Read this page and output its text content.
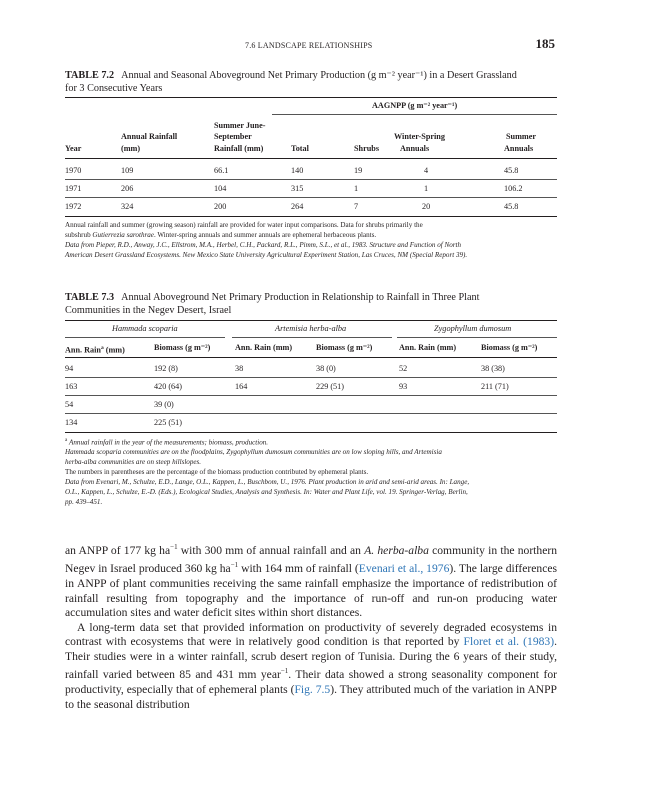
7.6 LANDSCAPE RELATIONSHIPS	185
TABLE 7.2 Annual and Seasonal Aboveground Net Primary Production (g m⁻² year⁻¹) in a Desert Grassland
for 3 Consecutive Years
AAGNPP (g m⁻² year⁻¹)
Summer June-
Annual Rainfall	September	Winter-Spring	Summer
Year	(mm)	Rainfall (mm)	Total	Shrubs	Annuals	Annuals
1970	109	66.1	140	19	4	45.8
1971	206	104	315	1	1	106.2
1972	324	200	264	7	20	45.8
Annual rainfall and summer (growing season) rainfall are provided for water input comparisons. Data for shrubs primarily the
subshrub Gutierrezia sarothrae. Winter-spring annuals and summer annuals are ephemeral herbaceous plants.
Data from Pieper, R.D., Anway, J.C., Ellstrom, M.A., Herbel, C.H., Packard, R.L., Pimm, S.L., et al., 1983. Structure and Function of North
American Desert Grassland Ecosystems. New Mexico State University Agricultural Experiment Station, Las Cruces, NM (Special Report 39).
TABLE 7.3 Annual Aboveground Net Primary Production in Relationship to Rainfall in Three Plant
Communities in the Negev Desert, Israel
Hammada scoparia	Artemisia herba-alba	Zygophyllum dumosum
Ann. Rain$^a$ (mm)	Biomass (g m⁻²)	Ann. Rain (mm)	Biomass (g m⁻²)	Ann. Rain (mm)	Biomass (g m⁻²)
94	192 (8)	38	38 (0)	52	38 (38)
163	420 (64)	164	229 (51)	93	211 (71)
54	39 (0)
134	225 (51)
$^a$ Annual rainfall in the year of the measurements; biomass, production.
Hammada scoparia communities are on the floodplains, Zygophyllum dumosum communities are on low sloping hills, and Artemisia
herba-alba communities are on steep hillslopes.
The numbers in parentheses are the percentage of the biomass production contributed by ephemeral plants.
Data from Evenari, M., Schulze, E.D., Lange, O.L., Kappen, L., Buschbom, U., 1976. Plant production in arid and semi-arid areas. In: Lange,
O.L., Kappen, L., Schulze, E.-D. (Eds.), Ecological Studies, Analysis and Synthesis. In: Water and Plant Life, vol. 19. Springer-Verlag, Berlin,
pp. 439–451.

an ANPP of 177 kg $ha^{-1}$ with 300 mm of annual rainfall and an A. herba-alba community in the northern Negev in Israel produced 360 kg $ha^{-1}$ with 164 mm of rainfall (Evenari et al., 1976). The large differences in ANPP of plant communities receiving the same rainfall emphasize the importance of redistribution of rainfall resulting from topography and the importance of run-off and run-on producing water accumulation sites and water deficit sites within short distances.

A long-term data set that provided information on productivity of severely degraded ecosystems in contrast with ecosystems that were in relatively good condition is that reported by Floret et al. (1983). Their studies were in a winter rainfall, scrub desert region of Tunisia. During the 6 years of their study, rainfall varied between 85 and 431 mm year$^{-1}$. Their data showed a strong seasonality component for productivity, especially that of ephemeral plants (Fig. 7.5). They attributed much of the variation in ANPP to the seasonal distribution
